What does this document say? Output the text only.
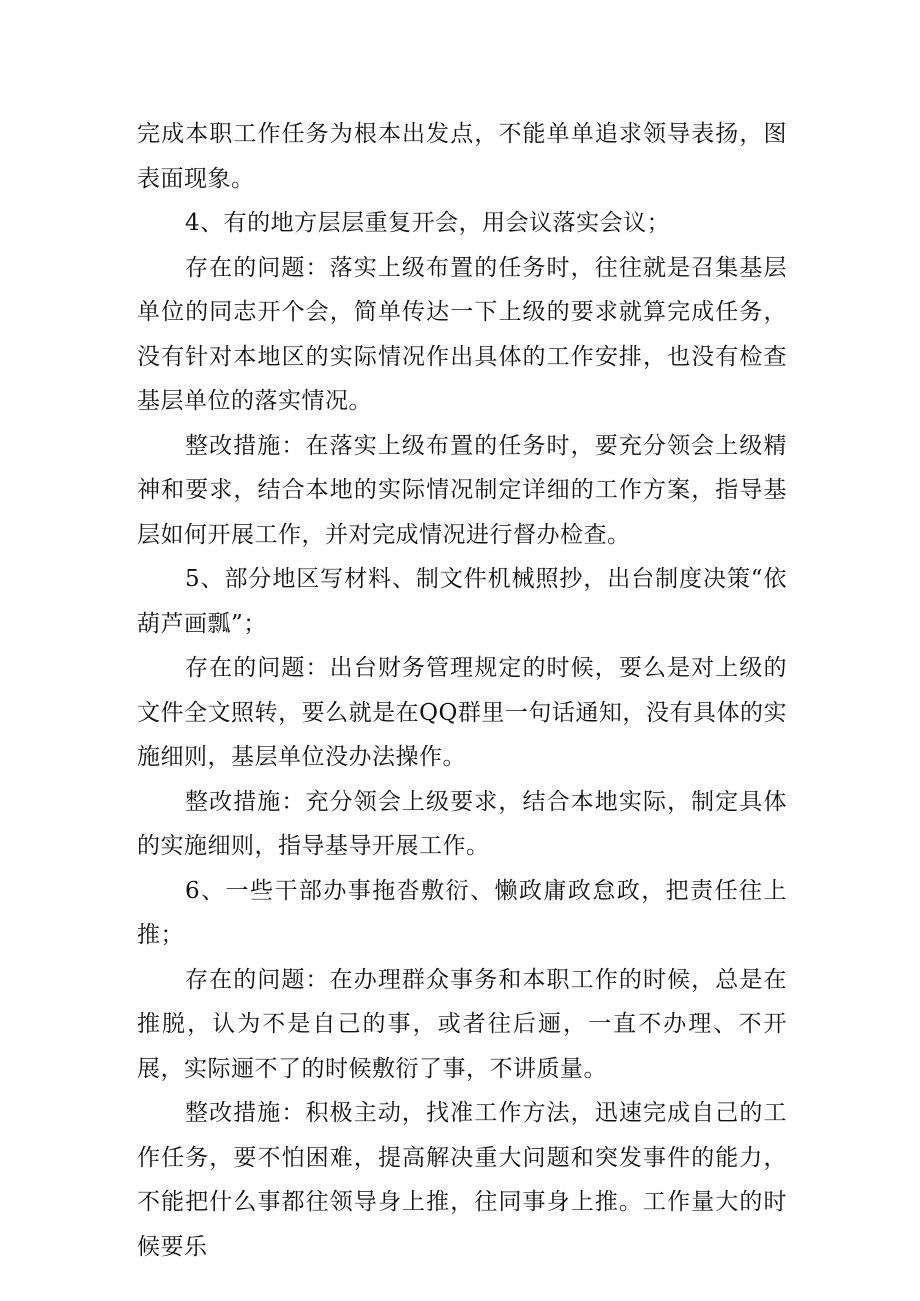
完成本职工作任务为根本出发点，不能单单追求领导表扬，图表面现象。

4、有的地方层层重复开会，用会议落实会议；

存在的问题：落实上级布置的任务时，往往就是召集基层单位的同志开个会，简单传达一下上级的要求就算完成任务，没有针对本地区的实际情况作出具体的工作安排，也没有检查基层单位的落实情况。

整改措施：在落实上级布置的任务时，要充分领会上级精神和要求，结合本地的实际情况制定详细的工作方案，指导基层如何开展工作，并对完成情况进行督办检查。

5、部分地区写材料、制文件机械照抄，出台制度决策“依葫芦画瓢”；

存在的问题：出台财务管理规定的时候，要么是对上级的文件全文照转，要么就是在QQ群里一句话通知，没有具体的实施细则，基层单位没办法操作。

整改措施：充分领会上级要求，结合本地实际，制定具体的实施细则，指导基导开展工作。

6、一些干部办事拖沓敷衍、懒政庸政怠政，把责任往上推；

存在的问题：在办理群众事务和本职工作的时候，总是在推脱，认为不是自己的事，或者往后逦，一直不办理、不开展，实际逦不了的时候敷衍了事，不讲质量。

整改措施：积极主动，找准工作方法，迅速完成自己的工作任务，要不怕困难，提高解决重大问题和突发事件的能力，不能把什么事都往领导身上推，往同事身上推。工作量大的时候要乐
